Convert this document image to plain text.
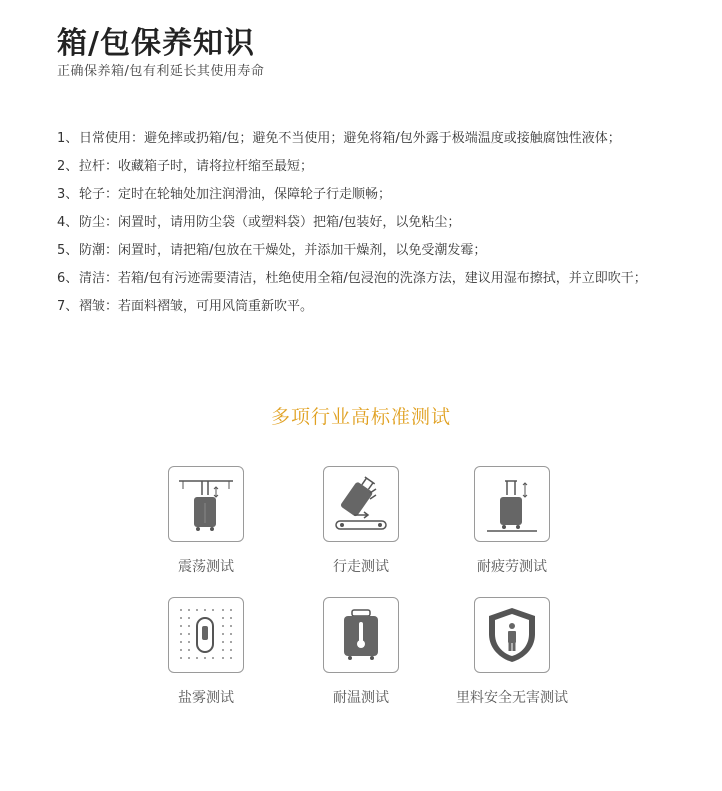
箱/包保养知识
正确保养箱/包有利延长其使用寿命
1、 日常使用：避免摔或扔箱/包；避免不当使用；避免将箱/包外露于极端温度或接触腐蚀性液体；
2、 拉杆：收藏箱子时，请将拉杆缩至最短；
3、 轮子：定时在轮轴处加注润滑油，保障轮子行走顺畅；
4、 防尘：闲置时，请用防尘袋（或塑料袋）把箱/包装好，以免粘尘；
5、 防潮：闲置时，请把箱/包放在干燥处，并添加干燥剂，以免受潮发霉；
6、 清洁：若箱/包有污迹需要清洁，杜绝使用全箱/包浸泡的洗涤方法，建议用湿布擦拭，并立即吹干；
7、 褶皱：若面料褶皱，可用风筒重新吹平。
多项行业高标准测试
震荡测试	行走测试	耐疲劳测试
盐雾测试	耐温测试	里料安全无害测试
